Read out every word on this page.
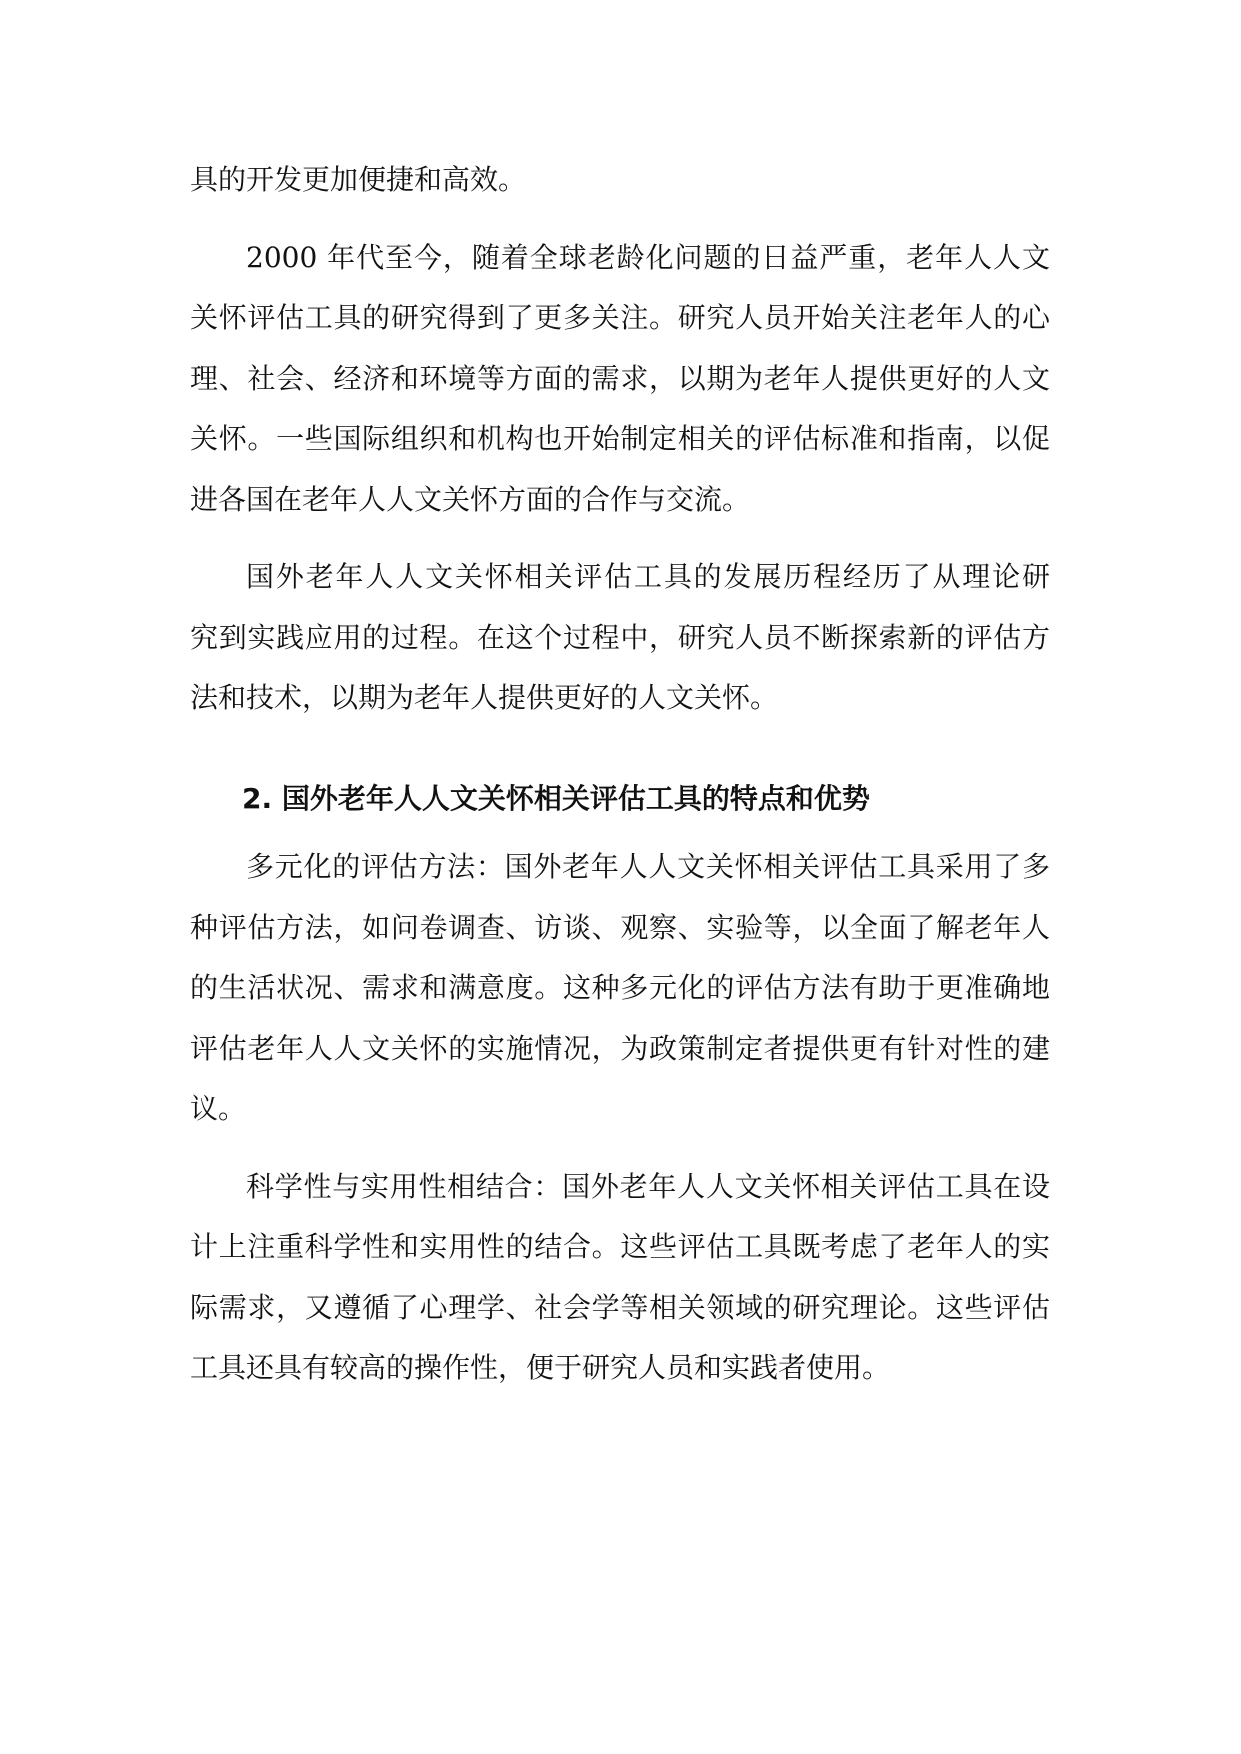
具的开发更加便捷和高效。
2000 年代至今，随着全球老龄化问题的日益严重，老年人人文
关怀评估工具的研究得到了更多关注。研究人员开始关注老年人的心
理、社会、经济和环境等方面的需求，以期为老年人提供更好的人文
关怀。一些国际组织和机构也开始制定相关的评估标准和指南，以促
进各国在老年人人文关怀方面的合作与交流。
国外老年人人文关怀相关评估工具的发展历程经历了从理论研
究到实践应用的过程。在这个过程中，研究人员不断探索新的评估方
法和技术，以期为老年人提供更好的人文关怀。
2. 国外老年人人文关怀相关评估工具的特点和优势
多元化的评估方法：国外老年人人文关怀相关评估工具采用了多
种评估方法，如问卷调查、访谈、观察、实验等，以全面了解老年人
的生活状况、需求和满意度。这种多元化的评估方法有助于更准确地
评估老年人人文关怀的实施情况，为政策制定者提供更有针对性的建
议。
科学性与实用性相结合：国外老年人人文关怀相关评估工具在设
计上注重科学性和实用性的结合。这些评估工具既考虑了老年人的实
际需求，又遵循了心理学、社会学等相关领域的研究理论。这些评估
工具还具有较高的操作性，便于研究人员和实践者使用。
